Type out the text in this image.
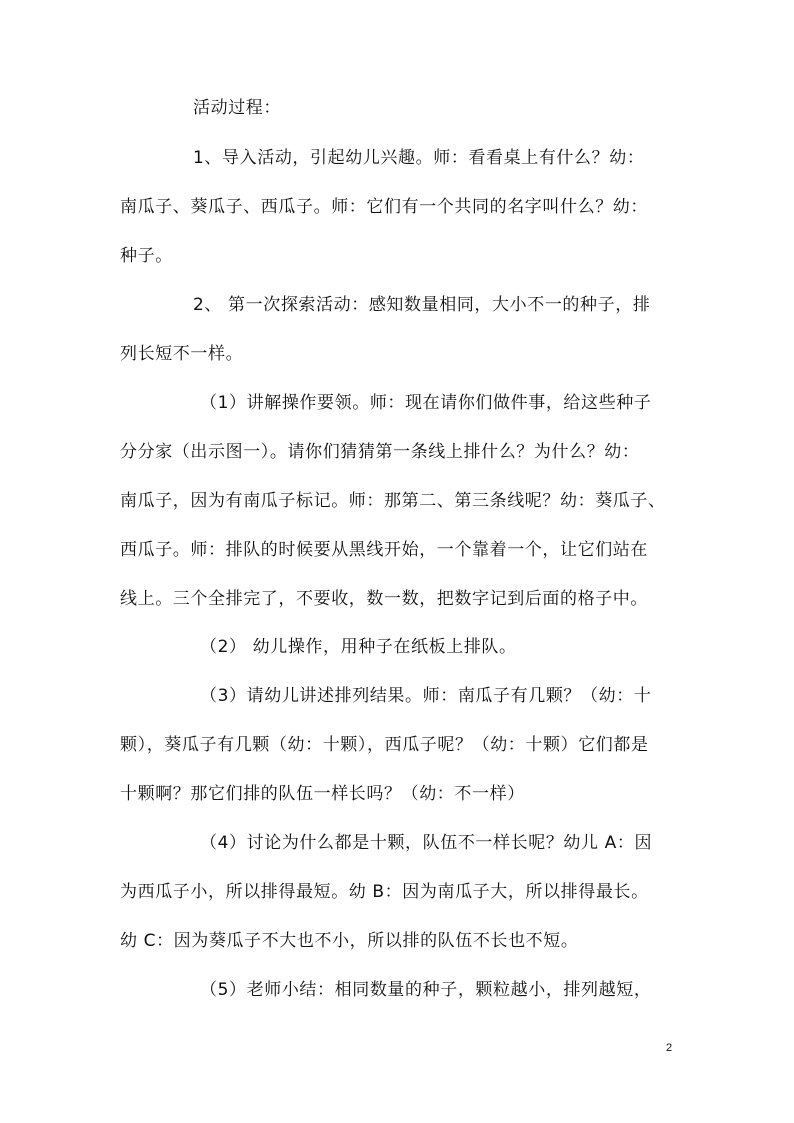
活动过程：
1、导入活动，引起幼儿兴趣。师：看看桌上有什么？幼：
南瓜子、葵瓜子、西瓜子。师：它们有一个共同的名字叫什么？幼：
种子。
2、 第一次探索活动：感知数量相同，大小不一的种子，排
列长短不一样。
（1）讲解操作要领。师：现在请你们做件事，给这些种子
分分家（出示图一）。请你们猜猜第一条线上排什么？为什么？幼：
南瓜子，因为有南瓜子标记。师：那第二、第三条线呢？幼：葵瓜子、
西瓜子。师：排队的时候要从黑线开始，一个靠着一个，让它们站在
线上。三个全排完了，不要收，数一数，把数字记到后面的格子中。
（2） 幼儿操作，用种子在纸板上排队。
（3）请幼儿讲述排列结果。师：南瓜子有几颗？（幼：十
颗），葵瓜子有几颗（幼：十颗），西瓜子呢？（幼：十颗）它们都是
十颗啊？那它们排的队伍一样长吗？（幼：不一样）
（4）讨论为什么都是十颗，队伍不一样长呢？幼儿 A：因
为西瓜子小，所以排得最短。幼 B：因为南瓜子大，所以排得最长。
幼 C：因为葵瓜子不大也不小，所以排的队伍不长也不短。
（5）老师小结：相同数量的种子，颗粒越小，排列越短，
2
